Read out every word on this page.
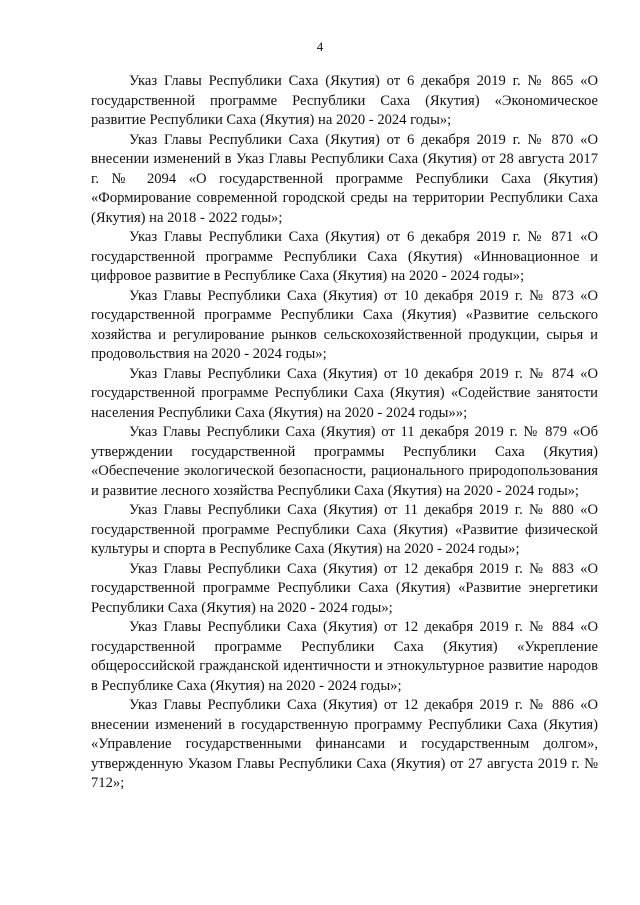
4

Указ Главы Республики Саха (Якутия) от 6 декабря 2019 г. № 865 «О государственной программе Республики Саха (Якутия) «Экономическое развитие Республики Саха (Якутия) на 2020 - 2024 годы»;

Указ Главы Республики Саха (Якутия) от 6 декабря 2019 г. № 870 «О внесении изменений в Указ Главы Республики Саха (Якутия) от 28 августа 2017 г. № 2094 «О государственной программе Республики Саха (Якутия) «Формирование современной городской среды на территории Республики Саха (Якутия) на 2018 - 2022 годы»;

Указ Главы Республики Саха (Якутия) от 6 декабря 2019 г. № 871 «О государственной программе Республики Саха (Якутия) «Инновационное и цифровое развитие в Республике Саха (Якутия) на 2020 - 2024 годы»;

Указ Главы Республики Саха (Якутия) от 10 декабря 2019 г. № 873 «О государственной программе Республики Саха (Якутия) «Развитие сельского хозяйства и регулирование рынков сельскохозяйственной продукции, сырья и продовольствия на 2020 - 2024 годы»;

Указ Главы Республики Саха (Якутия) от 10 декабря 2019 г. № 874 «О государственной программе Республики Саха (Якутия) «Содействие занятости населения Республики Саха (Якутия) на 2020 - 2024 годы»»;

Указ Главы Республики Саха (Якутия) от 11 декабря 2019 г. № 879 «Об утверждении государственной программы Республики Саха (Якутия) «Обеспечение экологической безопасности, рационального природопользования и развитие лесного хозяйства Республики Саха (Якутия) на 2020 - 2024 годы»;

Указ Главы Республики Саха (Якутия) от 11 декабря 2019 г. № 880 «О государственной программе Республики Саха (Якутия) «Развитие физической культуры и спорта в Республике Саха (Якутия) на 2020 - 2024 годы»;

Указ Главы Республики Саха (Якутия) от 12 декабря 2019 г. № 883 «О государственной программе Республики Саха (Якутия) «Развитие энергетики Республики Саха (Якутия) на 2020 - 2024 годы»;

Указ Главы Республики Саха (Якутия) от 12 декабря 2019 г. № 884 «О государственной программе Республики Саха (Якутия) «Укрепление общероссийской гражданской идентичности и этнокультурное развитие народов в Республике Саха (Якутия) на 2020 - 2024 годы»;

Указ Главы Республики Саха (Якутия) от 12 декабря 2019 г. № 886 «О внесении изменений в государственную программу Республики Саха (Якутия) «Управление государственными финансами и государственным долгом», утвержденную Указом Главы Республики Саха (Якутия) от 27 августа 2019 г. № 712»;
